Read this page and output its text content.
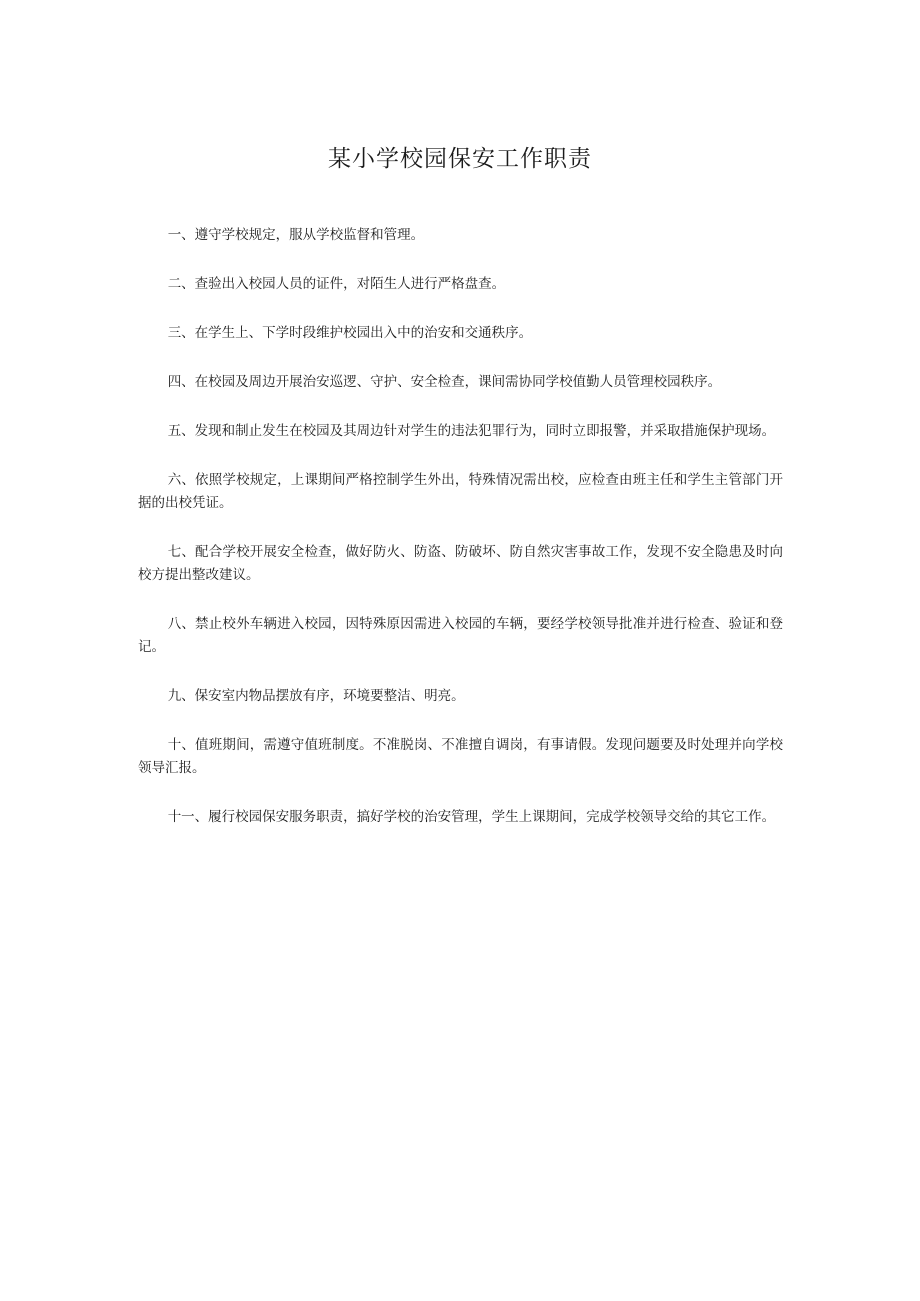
某小学校园保安工作职责

一、遵守学校规定，服从学校监督和管理。

二、查验出入校园人员的证件，对陌生人进行严格盘查。

三、在学生上、下学时段维护校园出入中的治安和交通秩序。

四、在校园及周边开展治安巡逻、守护、安全检查，课间需协同学校值勤人员管理校园秩序。

五、发现和制止发生在校园及其周边针对学生的违法犯罪行为，同时立即报警，并采取措施保护现场。

六、依照学校规定，上课期间严格控制学生外出，特殊情况需出校，应检查由班主任和学生主管部门开据的出校凭证。

七、配合学校开展安全检查，做好防火、防盗、防破坏、防自然灾害事故工作，发现不安全隐患及时向校方提出整改建议。

八、禁止校外车辆进入校园，因特殊原因需进入校园的车辆，要经学校领导批准并进行检查、验证和登记。

九、保安室内物品摆放有序，环境要整洁、明亮。

十、值班期间，需遵守值班制度。不准脱岗、不准擅自调岗，有事请假。发现问题要及时处理并向学校领导汇报。

十一、履行校园保安服务职责，搞好学校的治安管理，学生上课期间，完成学校领导交给的其它工作。
